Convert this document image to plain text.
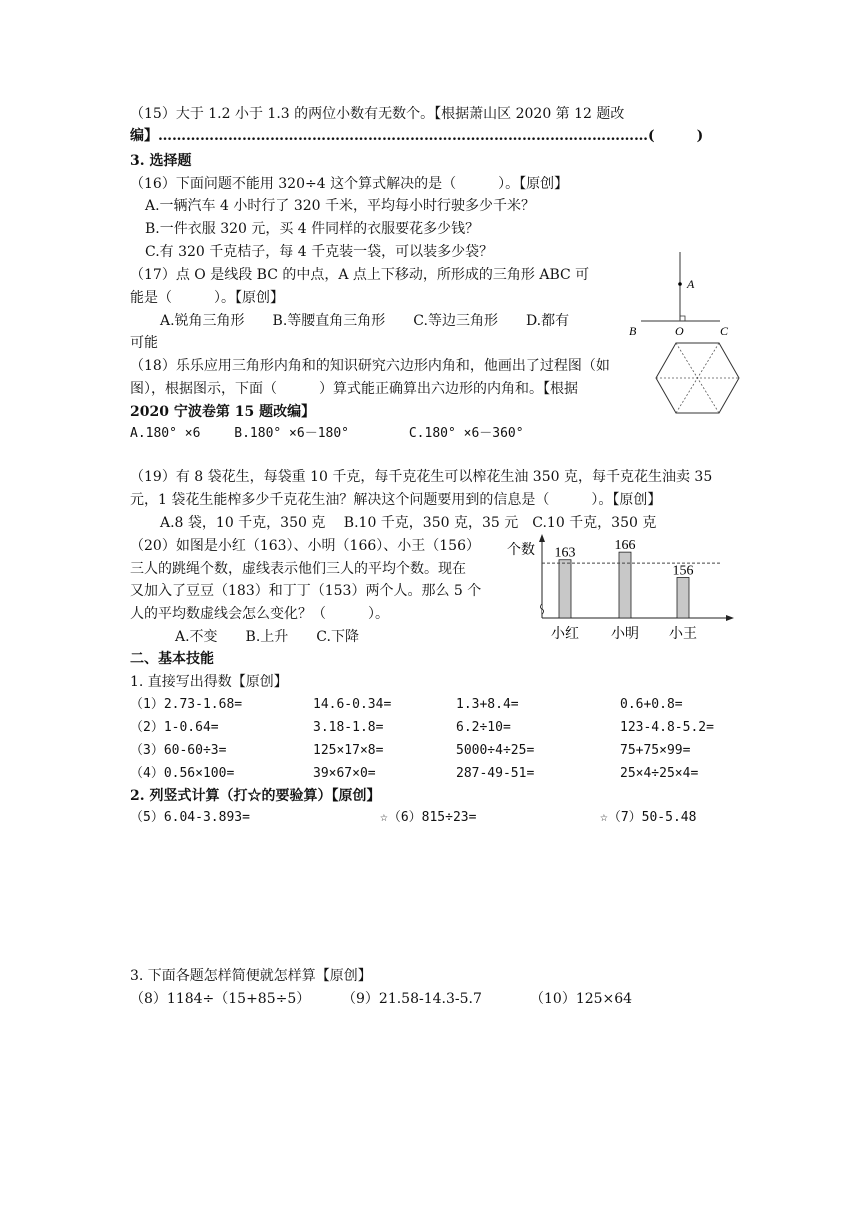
（15）大于 1.2 小于 1.3 的两位小数有无数个。【根据萧山区 2020 第 12 题改
编】……………………………………………………………………………………………(　　　)
3. 选择题
（16）下面问题不能用 320÷4 这个算式解决的是（　　　）。【原创】
A.一辆汽车 4 小时行了 320 千米，平均每小时行驶多少千米？
B.一件衣服 320 元，买 4 件同样的衣服要花多少钱？
C.有 320 千克桔子，每 4 千克装一袋，可以装多少袋？
（17）点 O 是线段 BC 的中点，A 点上下移动，所形成的三角形 ABC 可
能是（　　　）。【原创】
A.锐角三角形　　B.等腰直角三角形　　C.等边三角形　　D.都有
可能
A
B	O	C
（18）乐乐应用三角形内角和的知识研究六边形内角和，他画出了过程图（如
图），根据图示，下面（　　　）算式能正确算出六边形的内角和。【根据
2020 宁波卷第 15 题改编】
A.180° ×6　　 B.180° ×6－180°　　　　 C.180° ×6－360°
（19）有 8 袋花生，每袋重 10 千克，每千克花生可以榨花生油 350 克，每千克花生油卖 35
元，1 袋花生能榨多少千克花生油？解决这个问题要用到的信息是（　　　）。【原创】
A.8 袋，10 千克，350 克　 B.10 千克，350 克，35 元　C.10 千克，350 克
（20）如图是小红（163）、小明（166）、小王（156）
三人的跳绳个数，虚线表示他们三人的平均个数。现在
又加入了豆豆（183）和丁丁（153）两个人。那么 5 个
人的平均数虚线会怎么变化？（　　　）。
A.不变　　B.上升　　C.下降
个数 163
小红
166
小明
156
小王
二、基本技能
1. 直接写出得数【原创】
（1）2.73-1.68=	14.6-0.34=	1.3+8.4=	0.6+0.8=
（2）1-0.64=	3.18-1.8=	6.2÷10=	123-4.8-5.2=
（3）60-60÷3=	125×17×8=	5000÷4÷25=	75+75×99=
（4）0.56×100=	39×67×0=	287-49-51=	25×4÷25×4=
2. 列竖式计算（打☆的要验算）【原创】
（5）6.04-3.893=	☆（6）815÷23=	☆（7）50-5.48
3. 下面各题怎样简便就怎样算【原创】
（8）1184÷（15+85÷5） （9）21.58-14.3-5.7	（10）125×64
